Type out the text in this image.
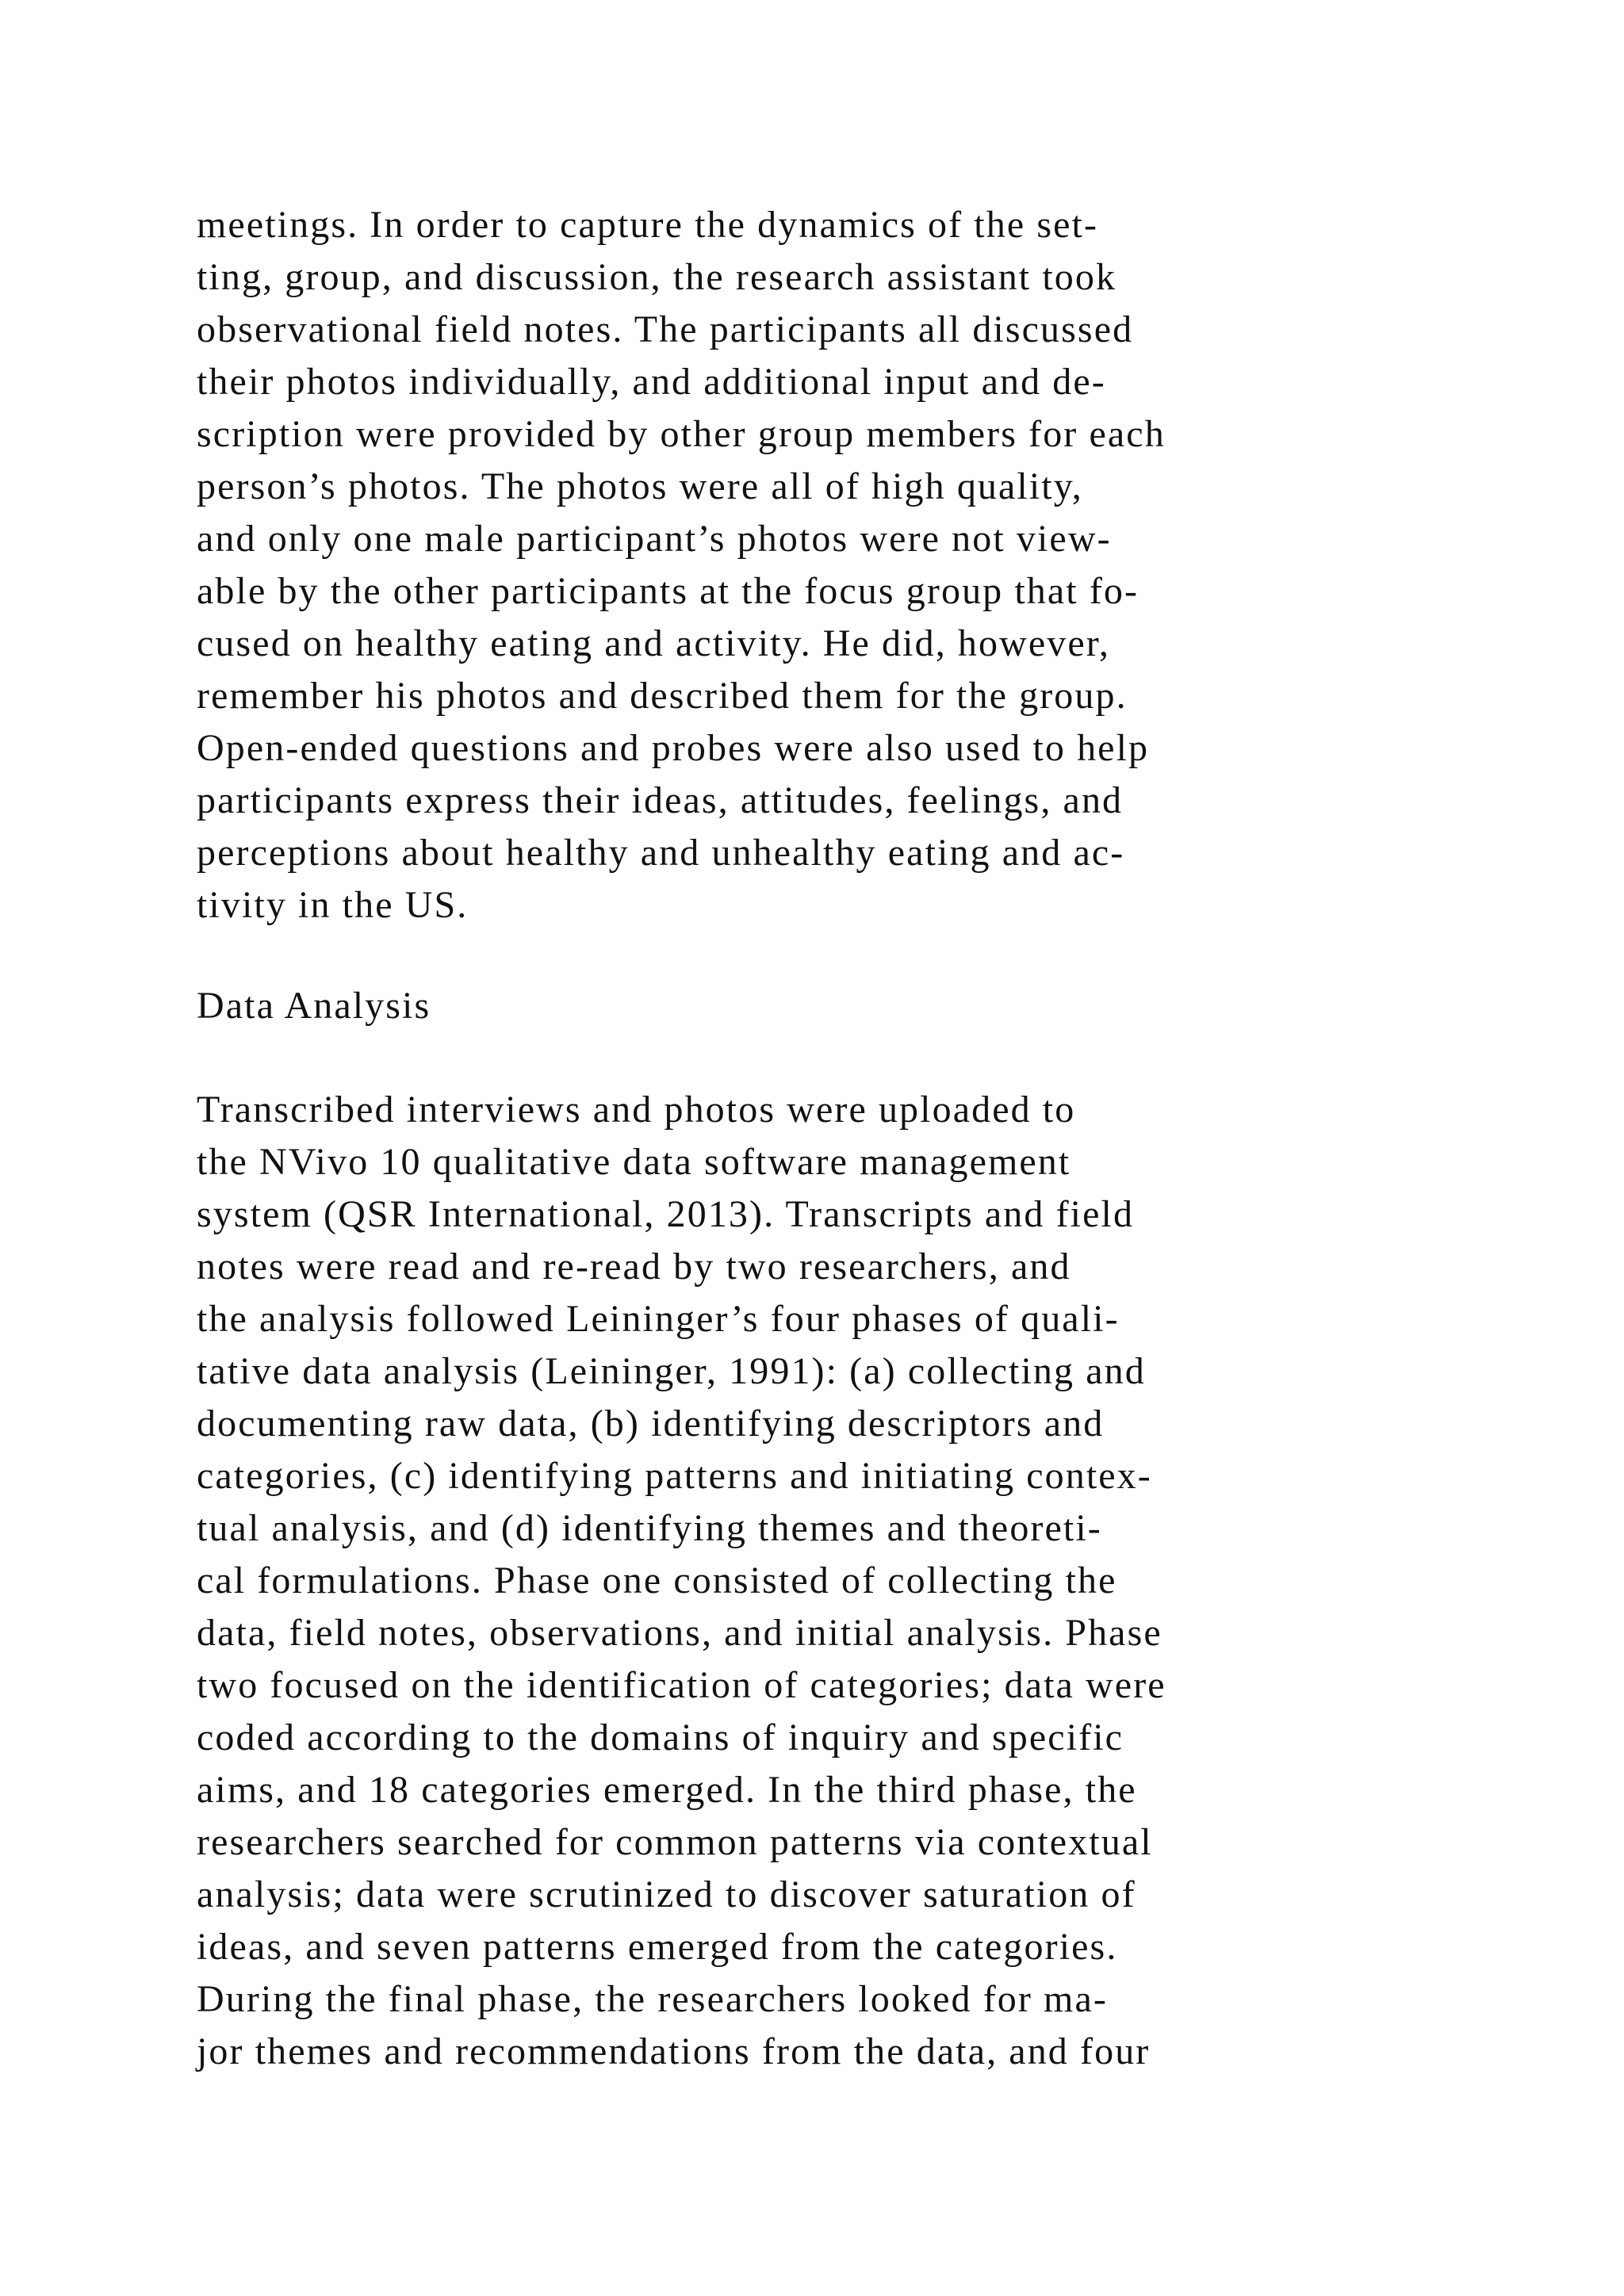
meetings. In order to capture the dynamics of the set-
ting, group, and discussion, the research assistant took
observational field notes. The participants all discussed
their photos individually, and additional input and de-
scription were provided by other group members for each
person’s photos. The photos were all of high quality,
and only one male participant’s photos were not view-
able by the other participants at the focus group that fo-
cused on healthy eating and activity. He did, however,
remember his photos and described them for the group.
Open-ended questions and probes were also used to help
participants express their ideas, attitudes, feelings, and
perceptions about healthy and unhealthy eating and ac-
tivity in the US.
Data Analysis
Transcribed interviews and photos were uploaded to
the NVivo 10 qualitative data software management
system (QSR International, 2013). Transcripts and field
notes were read and re-read by two researchers, and
the analysis followed Leininger’s four phases of quali-
tative data analysis (Leininger, 1991): (a) collecting and
documenting raw data, (b) identifying descriptors and
categories, (c) identifying patterns and initiating contex-
tual analysis, and (d) identifying themes and theoreti-
cal formulations. Phase one consisted of collecting the
data, field notes, observations, and initial analysis. Phase
two focused on the identification of categories; data were
coded according to the domains of inquiry and specific
aims, and 18 categories emerged. In the third phase, the
researchers searched for common patterns via contextual
analysis; data were scrutinized to discover saturation of
ideas, and seven patterns emerged from the categories.
During the final phase, the researchers looked for ma-
jor themes and recommendations from the data, and four
